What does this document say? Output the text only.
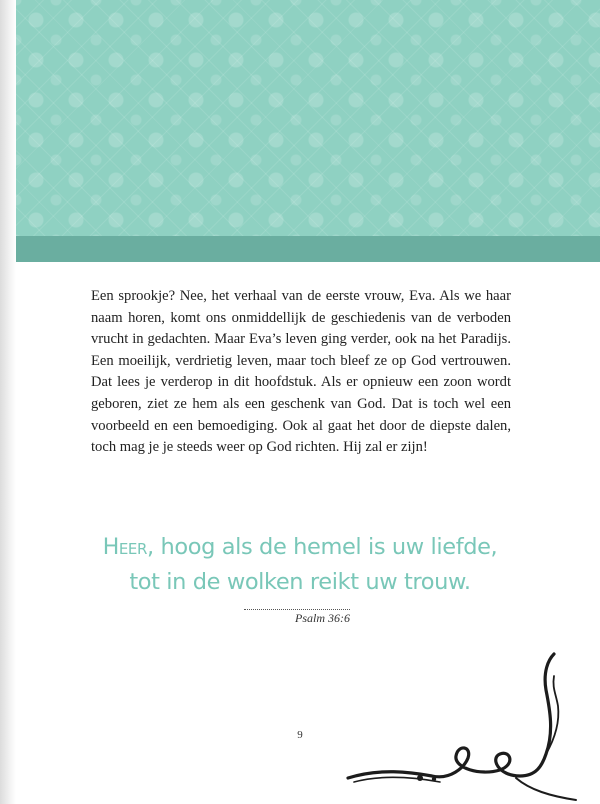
Een sprookje? Nee, het verhaal van de eerste vrouw, Eva. Als we haar naam horen, komt ons onmiddellijk de geschiedenis van de verboden vrucht in gedachten. Maar Eva’s leven ging verder, ook na het Paradijs. Een moeilijk, verdrietig leven, maar toch bleef ze op God vertrouwen. Dat lees je verderop in dit hoofdstuk. Als er opnieuw een zoon wordt geboren, ziet ze hem als een geschenk van God. Dat is toch wel een voorbeeld en een bemoediging. Ook al gaat het door de diepste dalen, toch mag je je steeds weer op God richten. Hij zal er zijn!

Heer, hoog als de hemel is uw liefde,
tot in de wolken reikt uw trouw.
Psalm 36:6
9
